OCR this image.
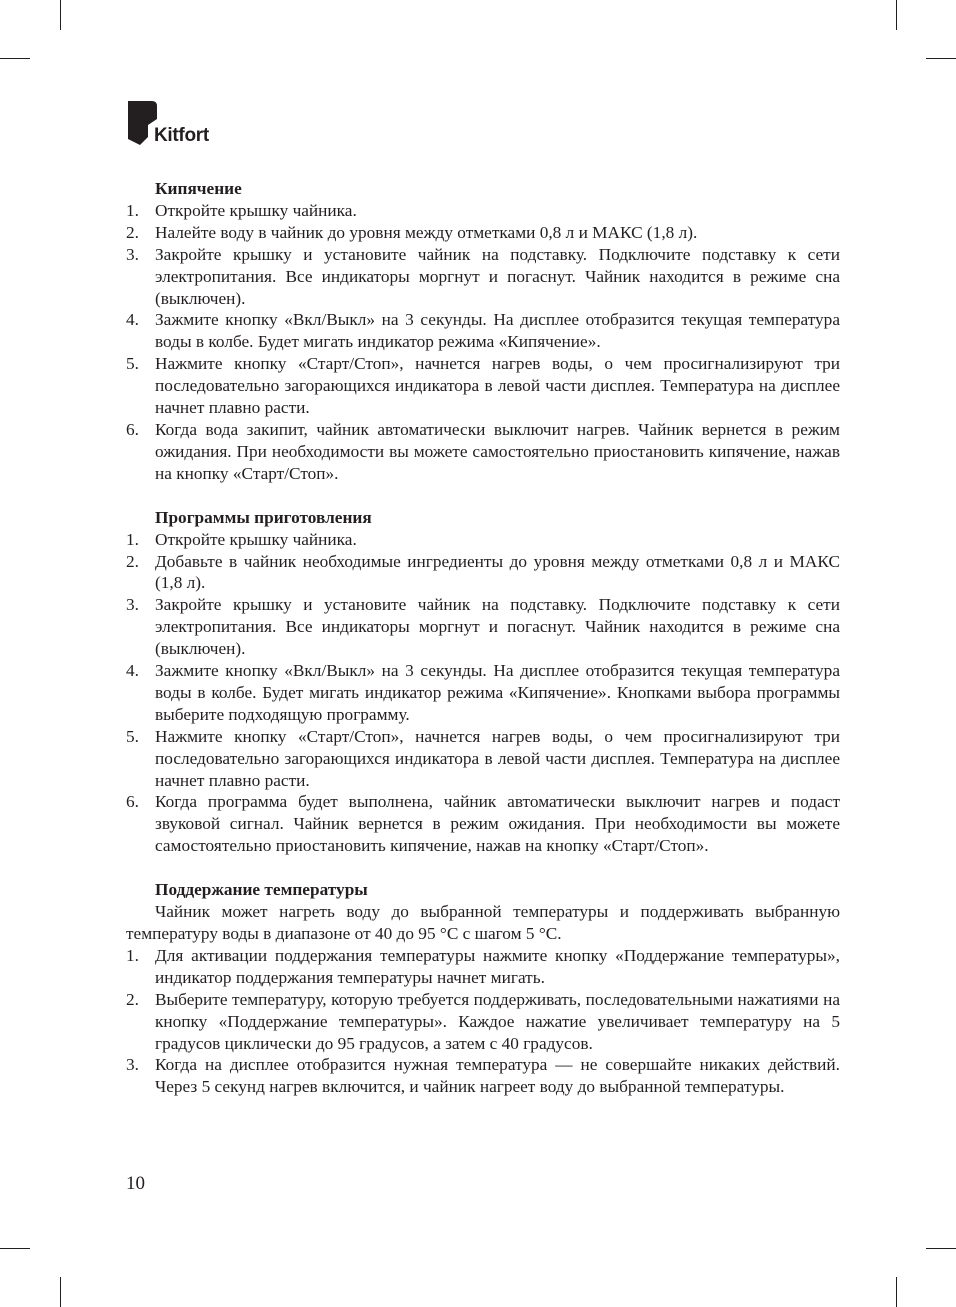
Kitfort

Кипячение

1. Откройте крышку чайника.
2. Налейте воду в чайник до уровня между отметками 0,8 л и МАКС (1,8 л).
3. Закройте крышку и установите чайник на подставку. Подключите подставку к сети электропитания. Все индикаторы моргнут и погаснут. Чайник находится в режиме сна (выключен).
4. Зажмите кнопку «Вкл/Выкл» на 3 секунды. На дисплее отобразится текущая температура воды в колбе. Будет мигать индикатор режима «Кипячение».
5. Нажмите кнопку «Старт/Стоп», начнется нагрев воды, о чем просигнализируют три последовательно загорающихся индикатора в левой части дисплея. Температура на дисплее начнет плавно расти.
6. Когда вода закипит, чайник автоматически выключит нагрев. Чайник вернется в режим ожидания. При необходимости вы можете самостоятельно приостановить кипячение, нажав на кнопку «Старт/Стоп».

Программы приготовления

1. Откройте крышку чайника.
2. Добавьте в чайник необходимые ингредиенты до уровня между отметками 0,8 л и МАКС (1,8 л).
3. Закройте крышку и установите чайник на подставку. Подключите подставку к сети электропитания. Все индикаторы моргнут и погаснут. Чайник находится в режиме сна (выключен).
4. Зажмите кнопку «Вкл/Выкл» на 3 секунды. На дисплее отобразится текущая температура воды в колбе. Будет мигать индикатор режима «Кипячение». Кнопками выбора программы выберите подходящую программу.
5. Нажмите кнопку «Старт/Стоп», начнется нагрев воды, о чем просигнализируют три последовательно загорающихся индикатора в левой части дисплея. Температура на дисплее начнет плавно расти.
6. Когда программа будет выполнена, чайник автоматически выключит нагрев и подаст звуковой сигнал. Чайник вернется в режим ожидания. При необходимости вы можете самостоятельно приостановить кипячение, нажав на кнопку «Старт/Стоп».

Поддержание температуры

Чайник может нагреть воду до выбранной температуры и поддерживать выбранную температуру воды в диапазоне от 40 до 95 °С с шагом 5 °С.

1. Для активации поддержания температуры нажмите кнопку «Поддержание температуры», индикатор поддержания температуры начнет мигать.
2. Выберите температуру, которую требуется поддерживать, последовательными нажатиями на кнопку «Поддержание температуры». Каждое нажатие увеличивает температуру на 5 градусов циклически до 95 градусов, а затем с 40 градусов.
3. Когда на дисплее отобразится нужная температура — не совершайте никаких действий. Через 5 секунд нагрев включится, и чайник нагреет воду до выбранной температуры.
10
